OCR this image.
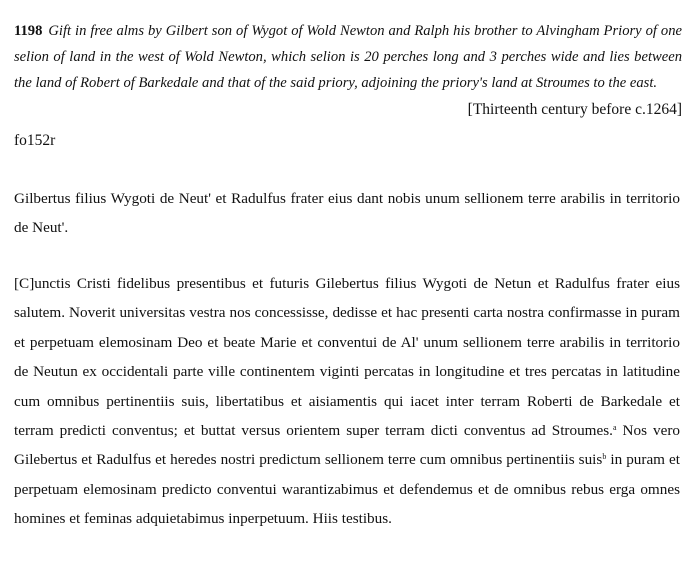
1198 Gift in free alms by Gilbert son of Wygot of Wold Newton and Ralph his brother to Alvingham Priory of one selion of land in the west of Wold Newton, which selion is 20 perches long and 3 perches wide and lies between the land of Robert of Barkedale and that of the said priory, adjoining the priory's land at Stroumes to the east.
[Thirteenth century before c.1264]
fo152r
Gilbertus filius Wygoti de Neut' et Radulfus frater eius dant nobis unum sellionem terre arabilis in territorio de Neut'.
[C]unctis Cristi fidelibus presentibus et futuris Gilebertus filius Wygoti de Netun et Radulfus frater eius salutem. Noverit universitas vestra nos concessisse, dedisse et hac presenti carta nostra confirmasse in puram et perpetuam elemosinam Deo et beate Marie et conventui de Al' unum sellionem terre arabilis in territorio de Neutun ex occidentali parte ville continentem viginti percatas in longitudine et tres percatas in latitudine cum omnibus pertinentiis suis, libertatibus et aisiamentis qui iacet inter terram Roberti de Barkedale et terram predicti conventus; et buttat versus orientem super terram dicti conventus ad Stroumes.$^a$ Nos vero Gilebertus et Radulfus et heredes nostri predictum sellionem terre cum omnibus pertinentiis suis$^b$ in puram et perpetuam elemosinam predicto conventui warantizabimus et defendemus et de omnibus rebus erga omnes homines et feminas adquietabimus inperpetuum. Hiis testibus.
